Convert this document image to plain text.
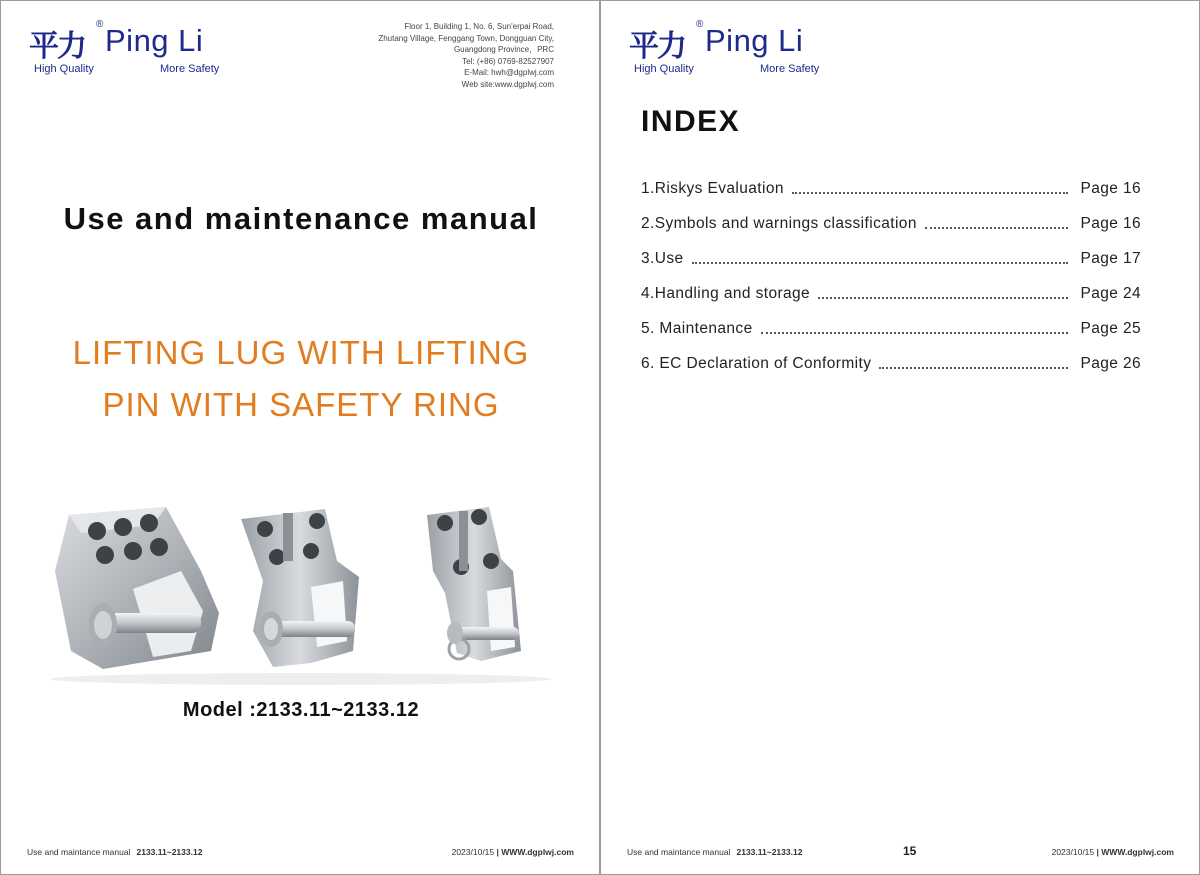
平力
® Ping Li
High Quality	More Safety
Floor 1, Building 1, No. 6, Sun'erpai Road,
Zhutang Village, Fenggang Town, Dongguan City,
Guangdong Province，PRC
Tel: (+86) 0769-82527907
E-Mail: hwh@dgplwj.com
Web site:www.dgplwj.com
Use and maintenance manual
LIFTING LUG WITH LIFTING
PIN WITH SAFETY RING
Model :2133.11~2133.12
Use and maintance manual 2133.11~2133.12	2023/10/15 | WWW.dgplwj.com
平力
® Ping Li
High Quality	More Safety
INDEX
1.Riskys Evaluation	Page 16
2.Symbols and warnings classification	Page 16
3.Use	Page 17
4.Handling and storage	Page 24
5. Maintenance	Page 25
6. EC Declaration of Conformity	Page 26
Use and maintance manual 2133.11~2133.12	15	2023/10/15 | WWW.dgplwj.com
